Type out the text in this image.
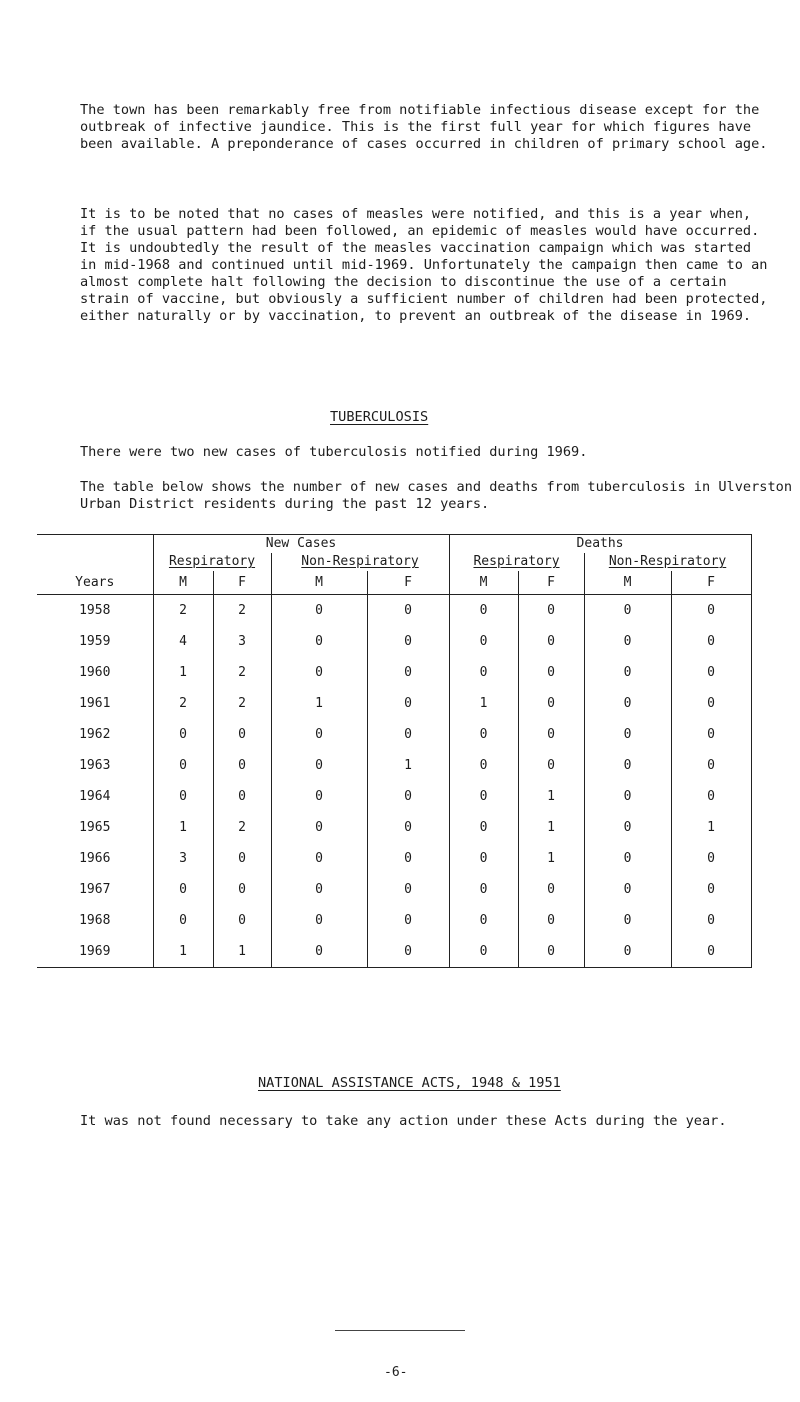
The town has been remarkably free from notifiable infectious disease except for the outbreak of infective jaundice. This is the first full year for which figures have been available. A preponderance of cases occurred in children of primary school age.

It is to be noted that no cases of measles were notified, and this is a year when, if the usual pattern had been followed, an epidemic of measles would have occurred. It is undoubtedly the result of the measles vaccination campaign which was started in mid-1968 and continued until mid-1969. Unfortunately the campaign then came to an almost complete halt following the decision to discontinue the use of a certain strain of vaccine, but obviously a sufficient number of children had been protected, either naturally or by vaccination, to prevent an outbreak of the disease in 1969.

TUBERCULOSIS

There were two new cases of tuberculosis notified during 1969.

The table below shows the number of new cases and deaths from tuberculosis in Ulverston Urban District residents during the past 12 years.

	New Cases				Deaths			
	Respiratory		Non-Respiratory		Respiratory		Non-Respiratory	
Years	M	F	M	F	M	F	M	F
1958	2	2	0	0	0	0	0	0
1959	4	3	0	0	0	0	0	0
1960	1	2	0	0	0	0	0	0
1961	2	2	1	0	1	0	0	0
1962	0	0	0	0	0	0	0	0
1963	0	0	0	1	0	0	0	0
1964	0	0	0	0	0	1	0	0
1965	1	2	0	0	0	1	0	1
1966	3	0	0	0	0	1	0	0
1967	0	0	0	0	0	0	0	0
1968	0	0	0	0	0	0	0	0
1969	1	1	0	0	0	0	0	0
NATIONAL ASSISTANCE ACTS, 1948 & 1951

It was not found necessary to take any action under these Acts during the year.

-6-
